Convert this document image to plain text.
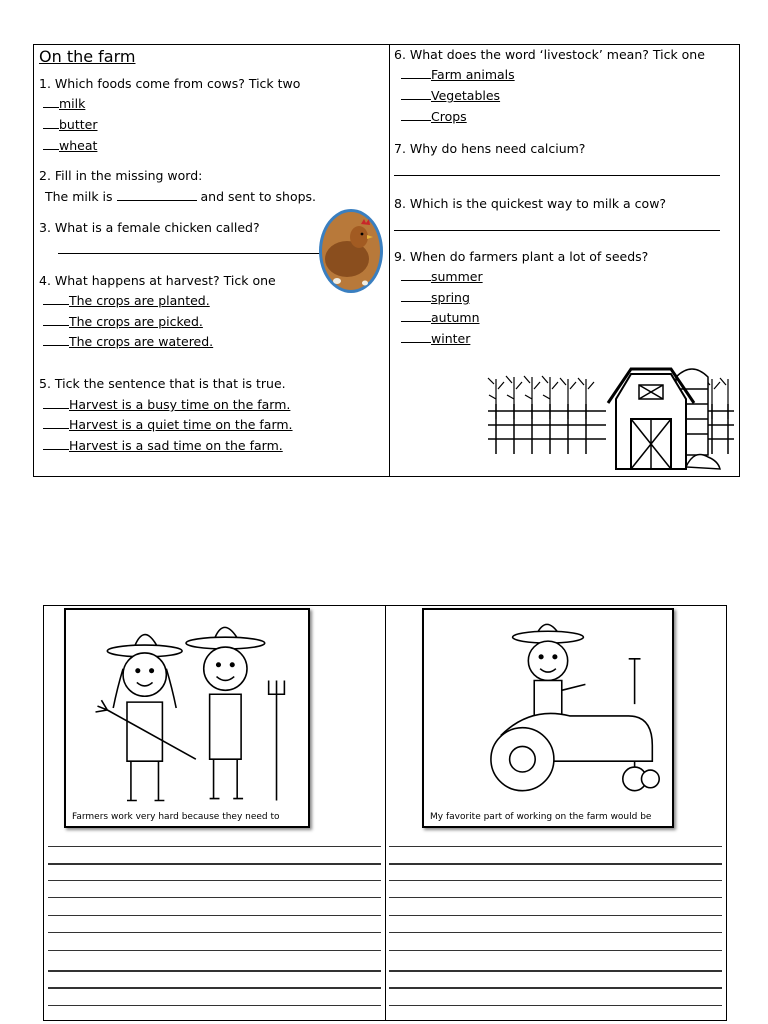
On the farm
1. Which foods come from cows? Tick two
milk
butter
wheat
2. Fill in the missing word:
The milk is	and sent to shops.
3. What is a female chicken called?
4. What happens at harvest? Tick one
The crops are planted.
The crops are picked.
The crops are watered.
5. Tick the sentence that is that is true.
Harvest is a busy time on the farm.
Harvest is a quiet time on the farm.
Harvest is a sad time on the farm.
6. What does the word ‘livestock’ mean? Tick one
Farm animals
Vegetables
Crops
7. Why do hens need calcium?
8. Which is the quickest way to milk a cow?
9. When do farmers plant a lot of seeds?
summer
spring
autumn
winter
Farmers work very hard because they need to	My favorite part of working on the farm would be
